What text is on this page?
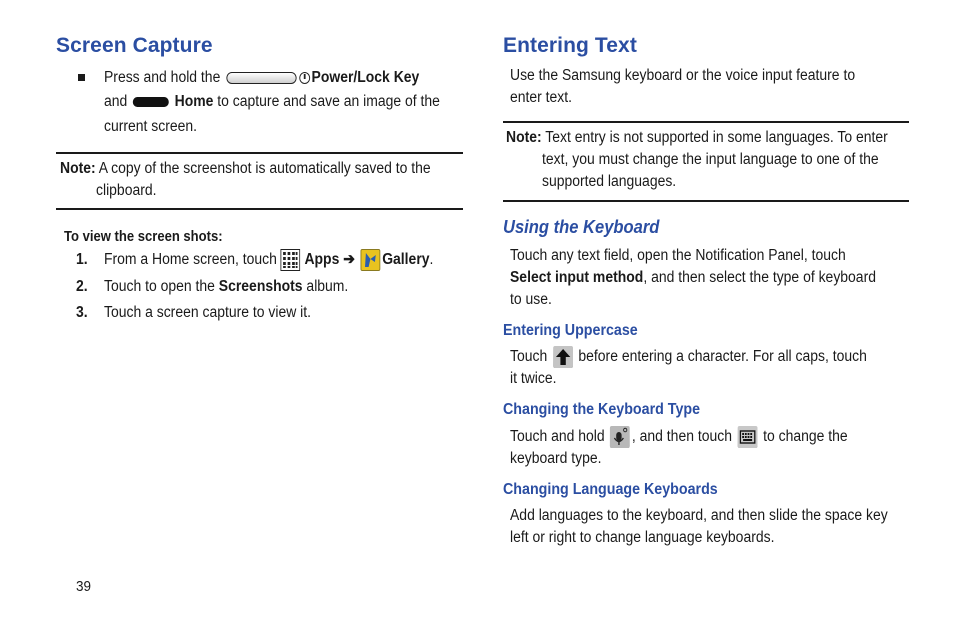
Screen Capture
Press and hold the	Power/Lock Key
and	Home to capture and save an image of the
current screen.
Note: A copy of the screenshot is automatically saved to the
clipboard.
To view the screen shots:
1. From a Home screen, touch Apps ➔ Gallery.
2. Touch to open the Screenshots album.
3. Touch a screen capture to view it.
Entering Text
Use the Samsung keyboard or the voice input feature to
enter text.
Note: Text entry is not supported in some languages. To enter
text, you must change the input language to one of the
supported languages.
Using the Keyboard
Touch any text field, open the Notification Panel, touch
Select input method, and then select the type of keyboard
to use.
Entering Uppercase
Touch before entering a character. For all caps, touch
it twice.
Changing the Keyboard Type
Touch and hold , and then touch to change the
keyboard type.
Changing Language Keyboards
Add languages to the keyboard, and then slide the space key
left or right to change language keyboards.
39
